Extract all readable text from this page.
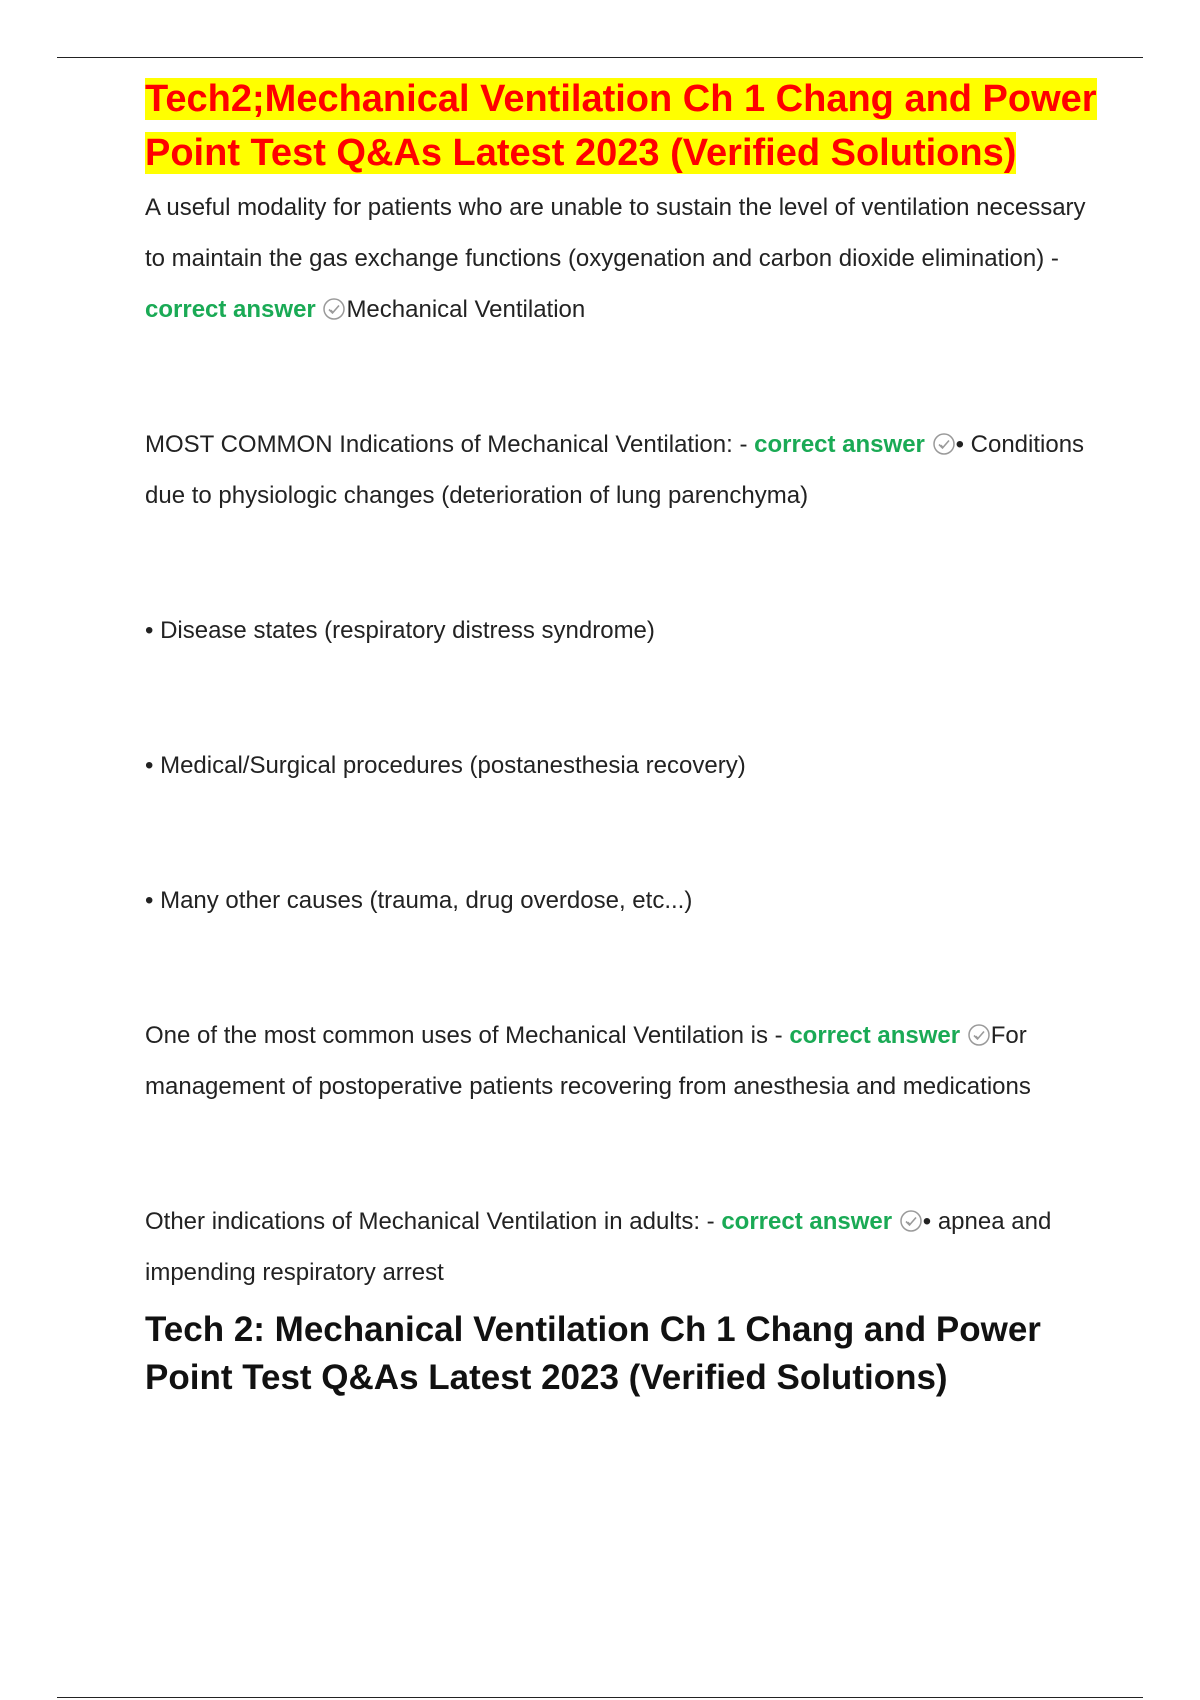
Tech2;Mechanical Ventilation Ch 1 Chang and Power Point Test Q&As Latest 2023 (Verified Solutions)

A useful modality for patients who are unable to sustain the level of ventilation necessary to maintain the gas exchange functions (oxygenation and carbon dioxide elimination) - correct answer Mechanical Ventilation

MOST COMMON Indications of Mechanical Ventilation: - correct answer • Conditions due to physiologic changes (deterioration of lung parenchyma)

• Disease states (respiratory distress syndrome)

• Medical/Surgical procedures (postanesthesia recovery)

• Many other causes (trauma, drug overdose, etc...)

One of the most common uses of Mechanical Ventilation is - correct answer For management of postoperative patients recovering from anesthesia and medications

Other indications of Mechanical Ventilation in adults: - correct answer • apnea and impending respiratory arrest

Tech 2: Mechanical Ventilation Ch 1 Chang and Power Point Test Q&As Latest 2023 (Verified Solutions)
